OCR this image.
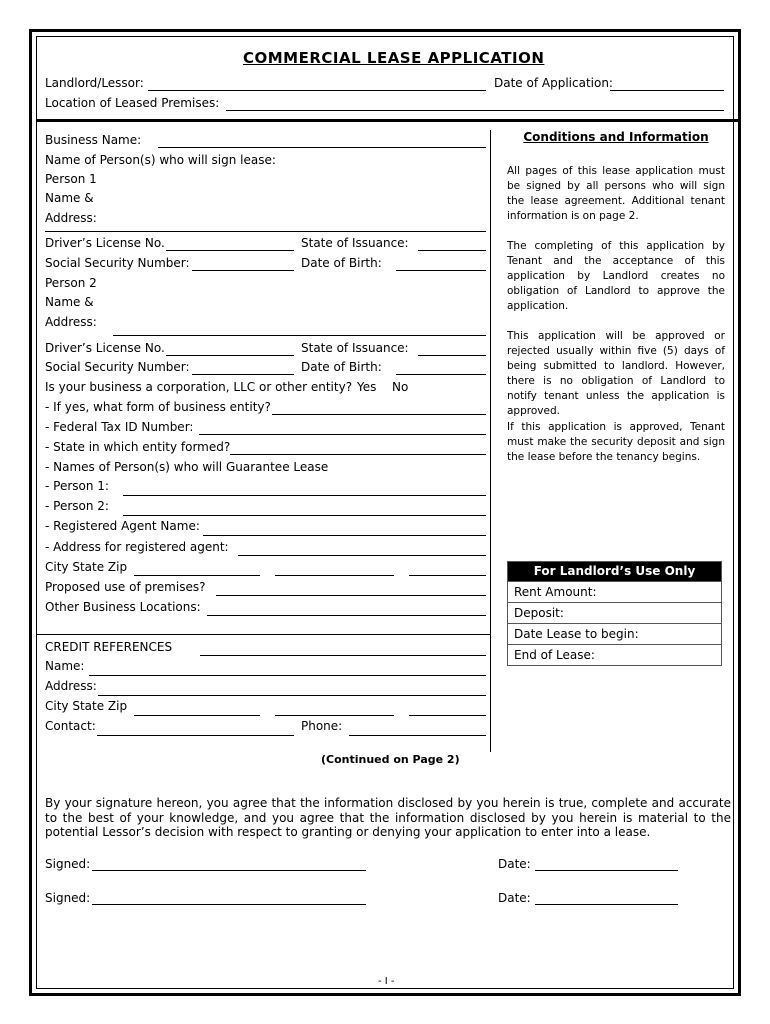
COMMERCIAL LEASE APPLICATION
Landlord/Lessor:	Date of Application:
Location of Leased Premises:
Business Name:
Name of Person(s) who will sign lease:
Person 1
Name &
Address:
Driver’s License No.	State of Issuance:
Social Security Number:	Date of Birth:
Person 2
Name &
Address:
Driver’s License No.	State of Issuance:
Social Security Number:	Date of Birth:
Is your business a corporation, LLC or other entity? Yes No
- If yes, what form of business entity?
- Federal Tax ID Number:
- State in which entity formed?
- Names of Person(s) who will Guarantee Lease
- Person 1:
- Person 2:
- Registered Agent Name:
- Address for registered agent:
City State Zip
Proposed use of premises?
Other Business Locations:
CREDIT REFERENCES
Name:
Address:
City State Zip
Contact:	Phone:
Conditions and Information
All pages of this lease application must be signed by all persons who will sign the lease agreement. Additional tenant information is on page 2.
The completing of this application by Tenant and the acceptance of this application by Landlord creates no obligation of Landlord to approve the application.
This application will be approved or rejected usually within five (5) days of being submitted to landlord. However, there is no obligation of Landlord to notify tenant unless the application is approved.
If this application is approved, Tenant must make the security deposit and sign the lease before the tenancy begins.
For Landlord’s Use Only
Rent Amount:
Deposit:
Date Lease to begin:
End of Lease:
(Continued on Page 2)
By your signature hereon, you agree that the information disclosed by you herein is true, complete and accurate to the best of your knowledge, and you agree that the information disclosed by you herein is material to the potential Lessor’s decision with respect to granting or denying your application to enter into a lease.
Signed:	Date:
Signed:	Date:
- I -
